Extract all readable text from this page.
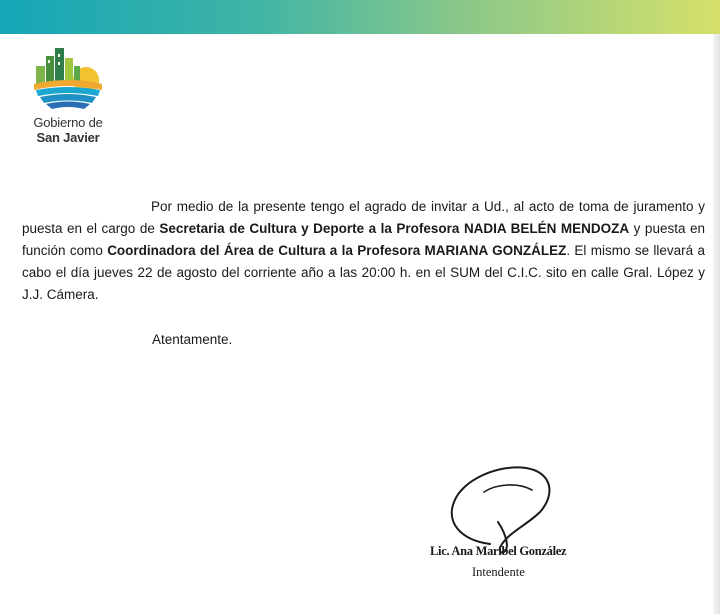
Gobierno de
San Javier

Por medio de la presente tengo el agrado de invitar a Ud., al acto de toma de juramento y puesta en el cargo de Secretaria de Cultura y Deporte a la Profesora NADIA BELÉN MENDOZA y puesta en función como Coordinadora del Área de Cultura a la Profesora MARIANA GONZÁLEZ. El mismo se llevará a cabo el día jueves 22 de agosto del corriente año a las 20:00 h. en el SUM del C.I.C. sito en calle Gral. López y J.J. Cámera.

Atentamente.
Lic. Ana Maribel González
Intendente
